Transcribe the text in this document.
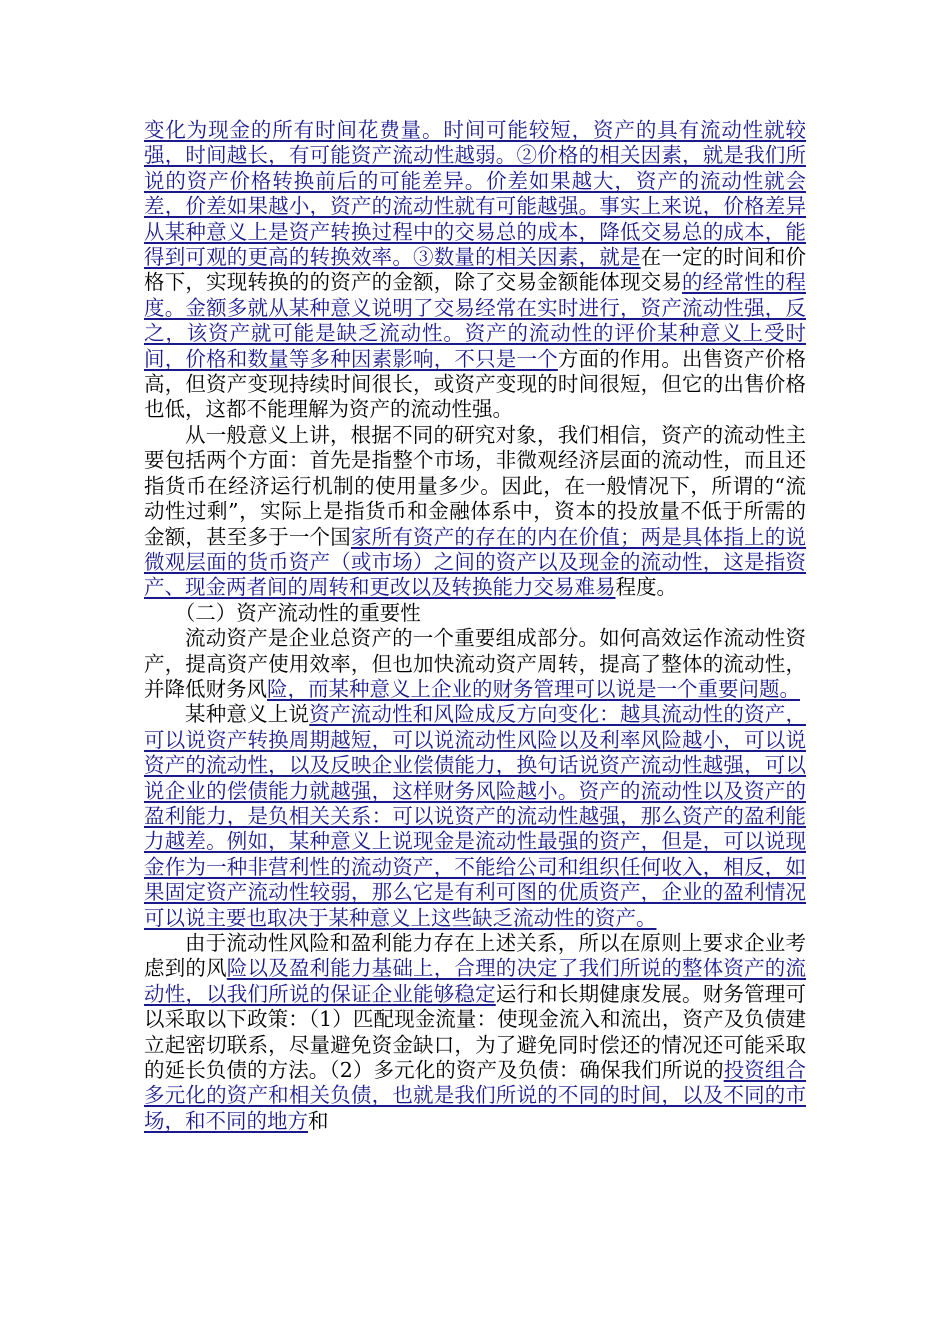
变化为现金的所有时间花费量。时间可能较短，资产的具有流动性就较强，时间越长，有可能资产流动性越弱。②价格的相关因素，就是我们所说的资产价格转换前后的可能差异。价差如果越大，资产的流动性就会差，价差如果越小，资产的流动性就有可能越强。事实上来说，价格差异从某种意义上是资产转换过程中的交易总的成本，降低交易总的成本，能得到可观的更高的转换效率。③数量的相关因素，就是在一定的时间和价格下，实现转换的的资产的金额，除了交易金额能体现交易的经常性的程度。金额多就从某种意义说明了交易经常在实时进行，资产流动性强，反之，该资产就可能是缺乏流动性。资产的流动性的评价某种意义上受时间，价格和数量等多种因素影响，不只是一个方面的作用。出售资产价格高，但资产变现持续时间很长，或资产变现的时间很短，但它的出售价格也低，这都不能理解为资产的流动性强。

从一般意义上讲，根据不同的研究对象，我们相信，资产的流动性主要包括两个方面：首先是指整个市场，非微观经济层面的流动性，而且还指货币在经济运行机制的使用量多少。因此，在一般情况下，所谓的“流动性过剩”，实际上是指货币和金融体系中，资本的投放量不低于所需的金额，甚至多于一个国家所有资产的存在的内在价值；两是具体指上的说微观层面的货币资产（或市场）之间的资产以及现金的流动性，这是指资产、现金两者间的周转和更改以及转换能力交易难易程度。

（二）资产流动性的重要性

流动资产是企业总资产的一个重要组成部分。如何高效运作流动性资产，提高资产使用效率，但也加快流动资产周转，提高了整体的流动性，并降低财务风险，而某种意义上企业的财务管理可以说是一个重要问题。

某种意义上说资产流动性和风险成反方向变化：越具流动性的资产，可以说资产转换周期越短，可以说流动性风险以及利率风险越小，可以说资产的流动性，以及反映企业偿债能力，换句话说资产流动性越强，可以说企业的偿债能力就越强，这样财务风险越小。资产的流动性以及资产的盈利能力，是负相关关系：可以说资产的流动性越强，那么资产的盈利能力越差。例如，某种意义上说现金是流动性最强的资产，但是，可以说现金作为一种非营利性的流动资产，不能给公司和组织任何收入，相反，如果固定资产流动性较弱，那么它是有利可图的优质资产，企业的盈利情况可以说主要也取决于某种意义上这些缺乏流动性的资产。

由于流动性风险和盈利能力存在上述关系，所以在原则上要求企业考虑到的风险以及盈利能力基础上，合理的决定了我们所说的整体资产的流动性，以我们所说的保证企业能够稳定运行和长期健康发展。财务管理可以采取以下政策：（1）匹配现金流量：使现金流入和流出，资产及负债建立起密切联系，尽量避免资金缺口，为了避免同时偿还的情况还可能采取的延长负债的方法。（2）多元化的资产及负债：确保我们所说的投资组合多元化的资产和相关负债，也就是我们所说的不同的时间，以及不同的市场，和不同的地方和
